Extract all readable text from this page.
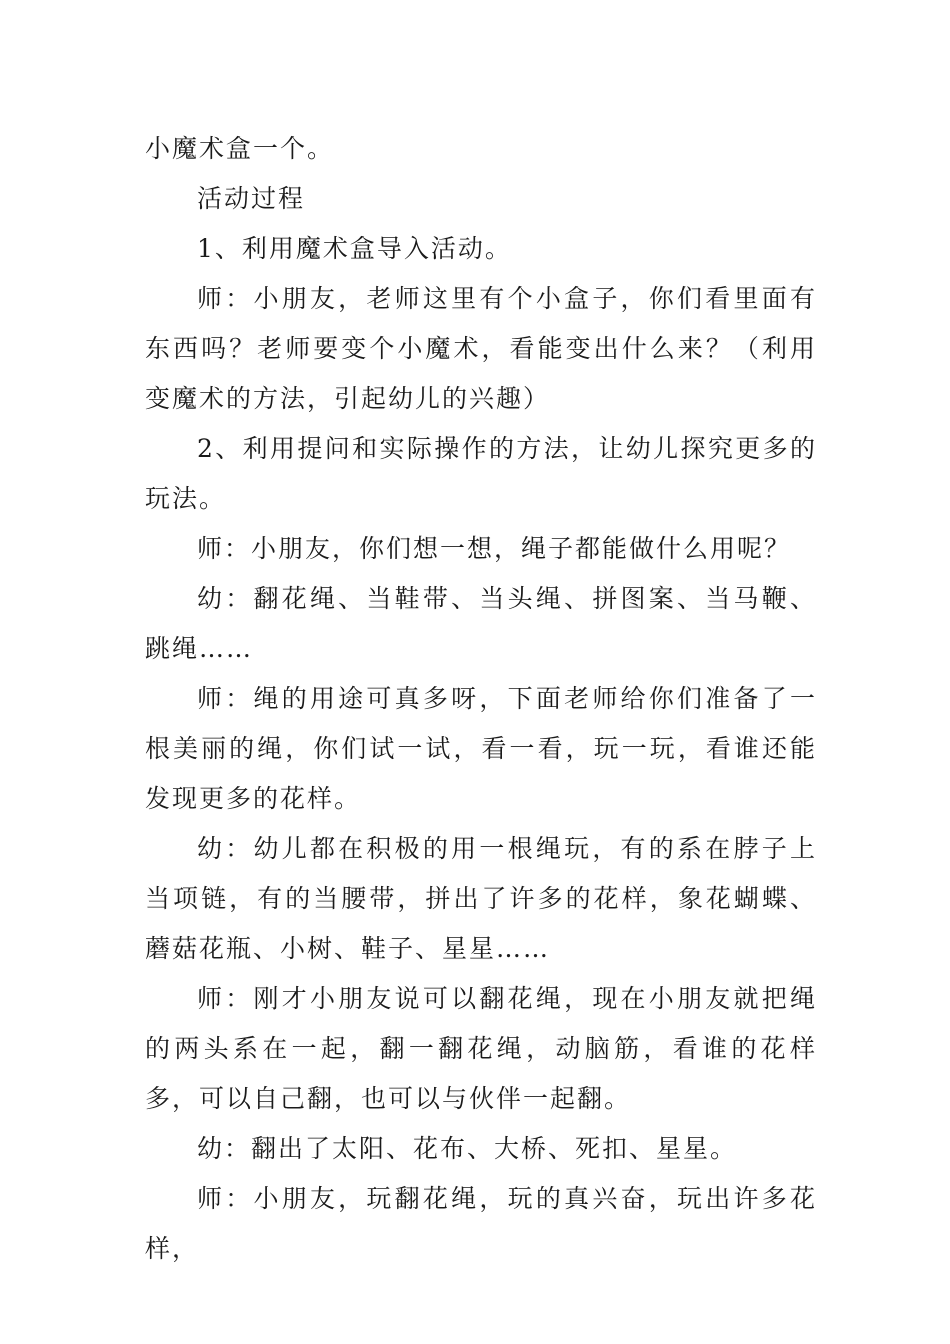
小魔术盒一个。

活动过程

1、利用魔术盒导入活动。

师：小朋友，老师这里有个小盒子，你们看里面有东西吗？老师要变个小魔术，看能变出什么来？（利用变魔术的方法，引起幼儿的兴趣）

2、利用提问和实际操作的方法，让幼儿探究更多的玩法。

师：小朋友，你们想一想，绳子都能做什么用呢？

幼：翻花绳、当鞋带、当头绳、拼图案、当马鞭、跳绳……

师：绳的用途可真多呀，下面老师给你们准备了一根美丽的绳，你们试一试，看一看，玩一玩，看谁还能发现更多的花样。

幼：幼儿都在积极的用一根绳玩，有的系在脖子上当项链，有的当腰带，拼出了许多的花样，象花蝴蝶、蘑菇花瓶、小树、鞋子、星星……

师：刚才小朋友说可以翻花绳，现在小朋友就把绳的两头系在一起，翻一翻花绳，动脑筋，看谁的花样多，可以自己翻，也可以与伙伴一起翻。

幼：翻出了太阳、花布、大桥、死扣、星星。

师：小朋友，玩翻花绳，玩的真兴奋，玩出许多花样，
